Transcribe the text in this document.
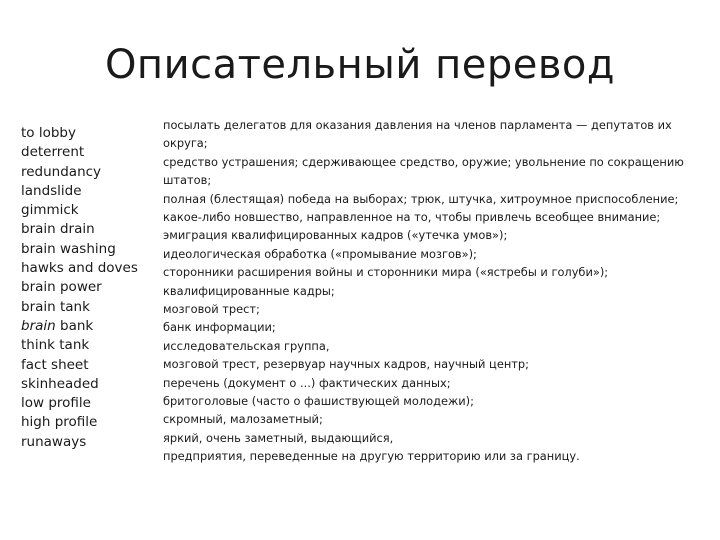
Описательный перевод
to lobby
deterrent
redundancy
landslide
gimmick
brain drain
brain washing
hawks and doves
brain power
brain tank
brain bank
think tank
fact sheet
skinheaded
low profile
high profile
runaways
посылать делегатов для оказания давления на членов парламента — депутатов их
округа;
средство устрашения; сдерживающее средство, оружие; увольнение по сокращению
штатов;
полная (блестящая) победа на выборах; трюк, штучка, хитроумное приспособление;
какое-либо новшество, направленное на то, чтобы привлечь всеобщее внимание;
эмиграция квалифицированных кадров («утечка умов»);
идеологическая обработка («промывание мозгов»);
сторонники расширения войны и сторонники мира («ястребы и голуби»);
квалифицированные кадры;
мозговой трест;
банк информации;
исследовательская группа,
мозговой трест, резервуар научных кадров, научный центр;
перечень (документ о ...) фактических данных;
бритоголовые (часто о фашиствующей молодежи);
скромный, малозаметный;
яркий, очень заметный, выдающийся,
предприятия, переведенные на другую территорию или за границу.
